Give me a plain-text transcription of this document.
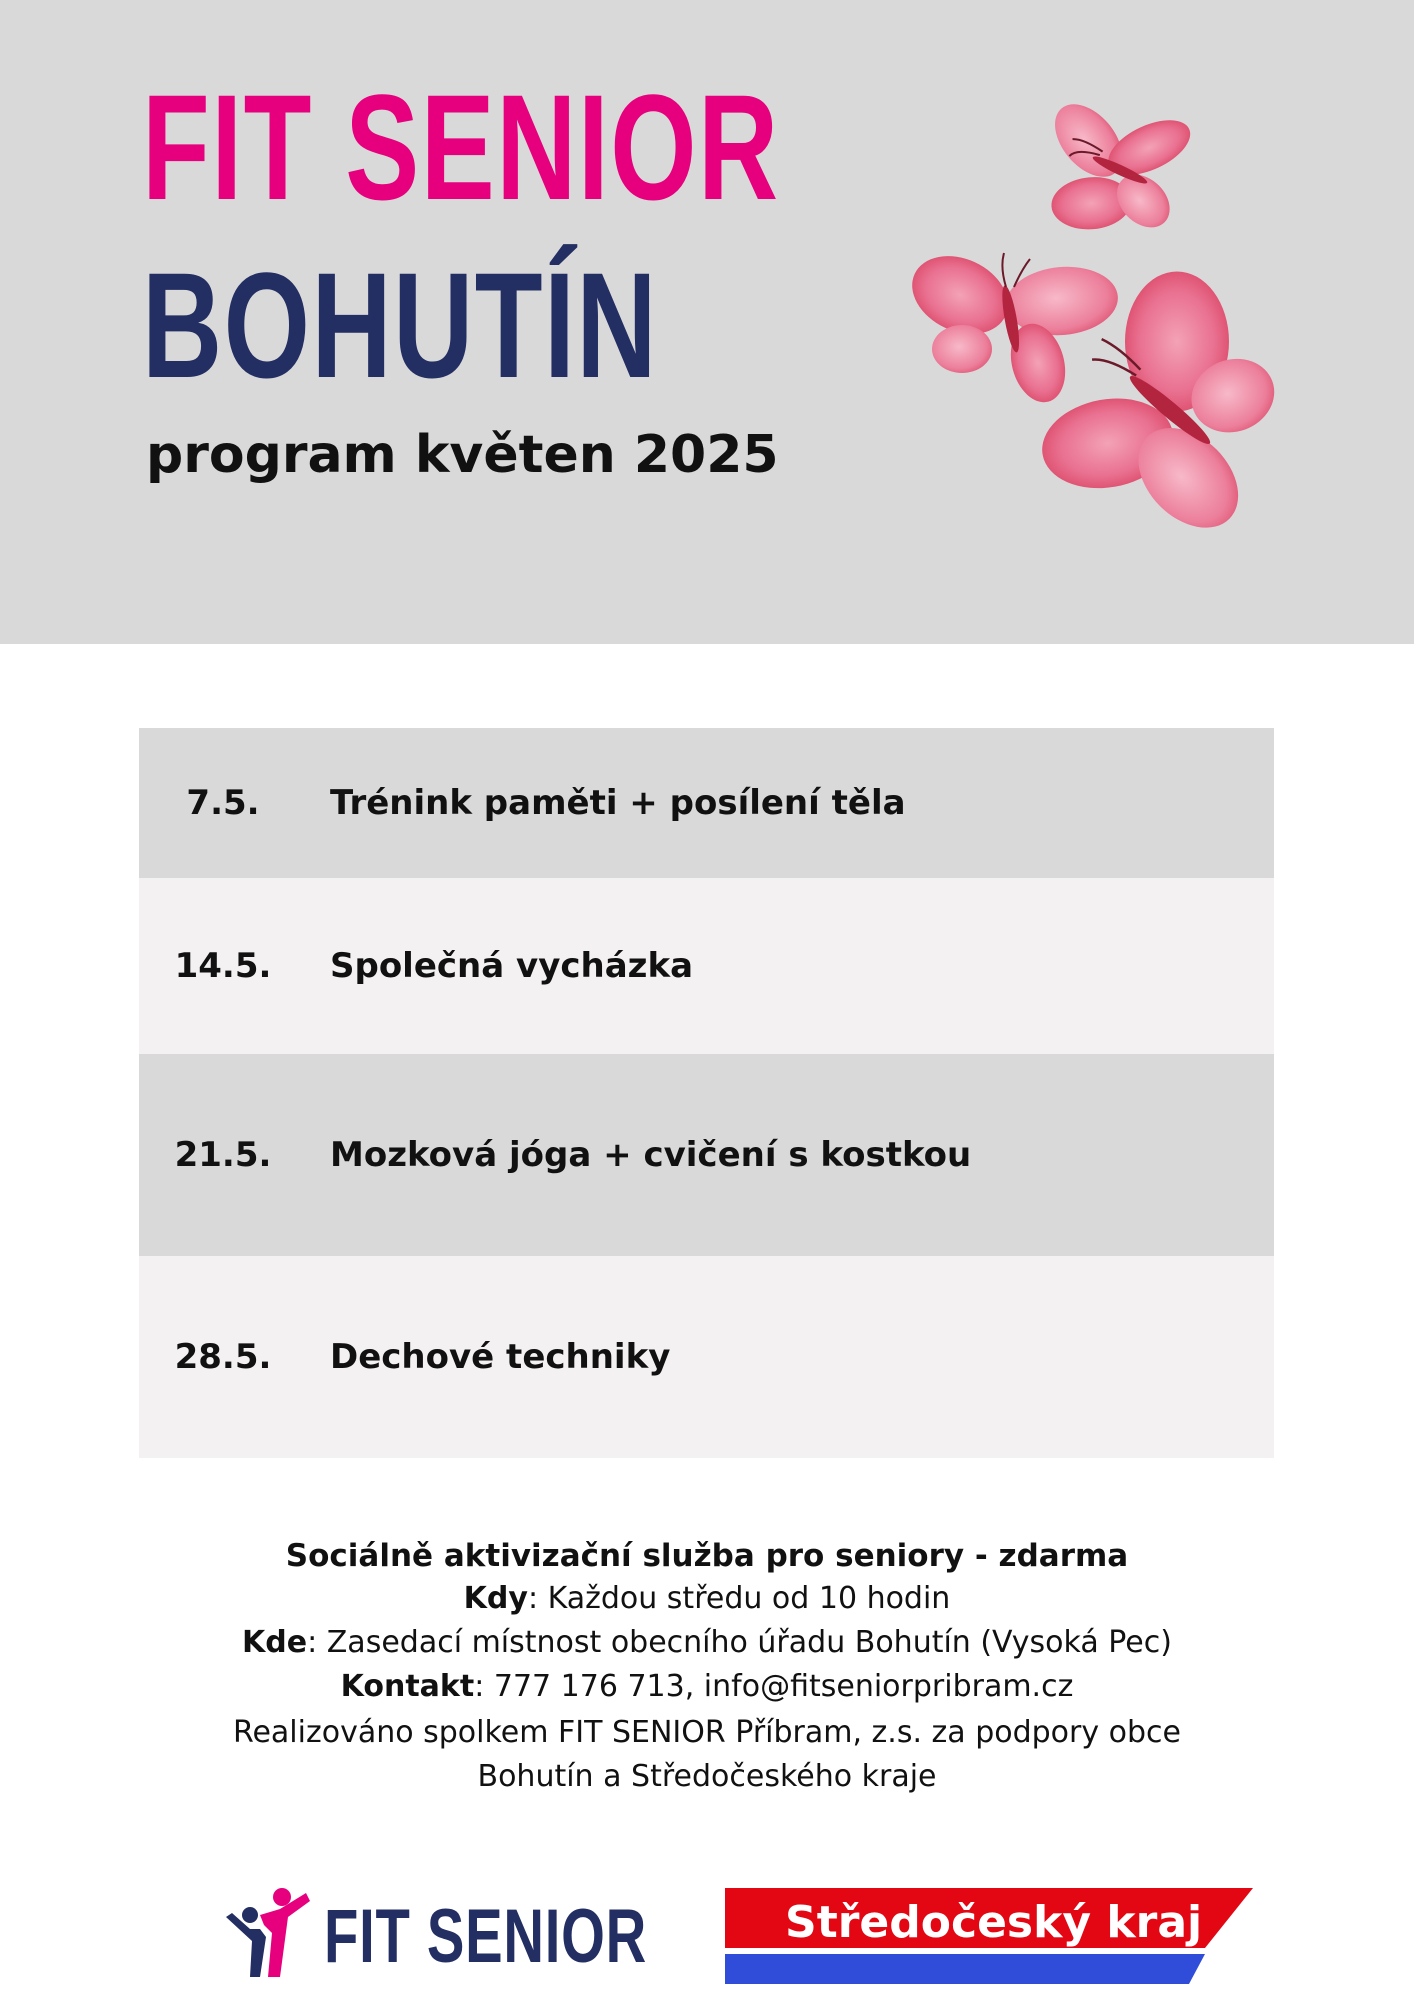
FIT SENIOR
BOHUTÍN
program květen 2025
7.5.	Trénink paměti + posílení těla
14.5.	Společná vycházka
21.5.	Mozková jóga + cvičení s kostkou
28.5.	Dechové techniky
Sociálně aktivizační služba pro seniory - zdarma
Kdy: Každou středu od 10 hodin
Kde: Zasedací místnost obecního úřadu Bohutín (Vysoká Pec)
Kontakt: 777 176 713, info@fitseniorpribram.cz
Realizováno spolkem FIT SENIOR Příbram, z.s. za podpory obce
Bohutín a Středočeského kraje
FIT SENIOR	Středočeský kraj
